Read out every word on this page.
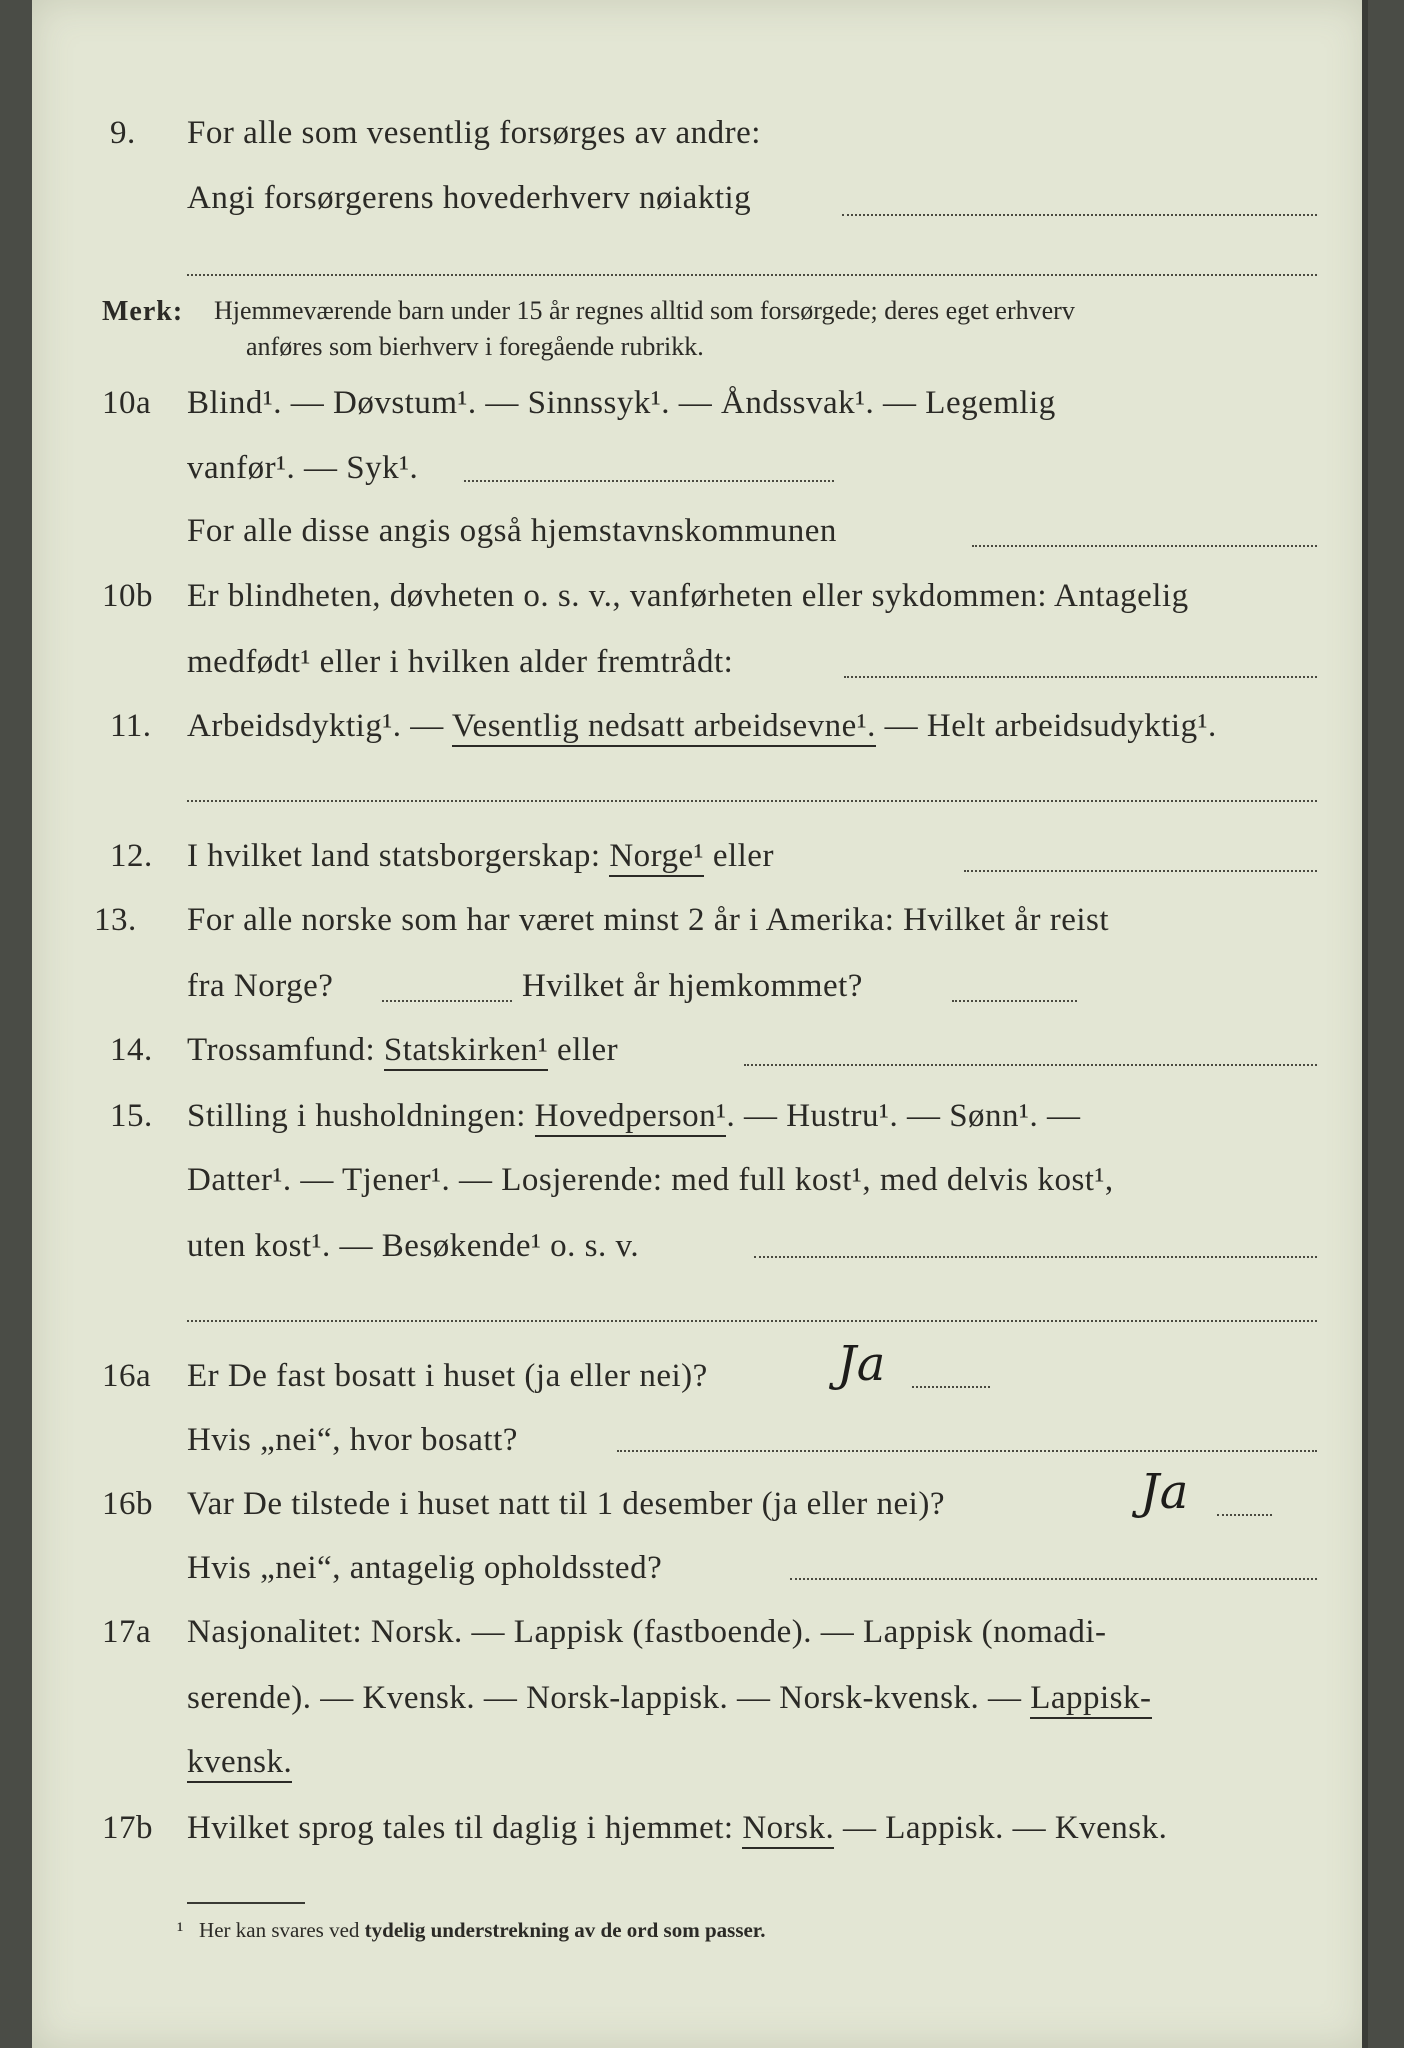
9. For alle som vesentlig forsørges av andre:
Angi forsørgerens hovederhverv nøiaktig
Merk: Hjemmeværende barn under 15 år regnes alltid som forsørgede; deres eget erhverv
anføres som bierhverv i foregående rubrikk.
10a Blind¹. — Døvstum¹. — Sinnssyk¹. — Åndssvak¹. — Legemlig
vanfør¹. — Syk¹.
For alle disse angis også hjemstavnskommunen
10b Er blindheten, døvheten o. s. v., vanførheten eller sykdommen: Antagelig
medfødt¹ eller i hvilken alder fremtrådt:
11. Arbeidsdyktig¹. — Vesentlig nedsatt arbeidsevne¹. — Helt arbeidsudyktig¹.
12. I hvilket land statsborgerskap: Norge¹ eller
13. For alle norske som har været minst 2 år i Amerika: Hvilket år reist
fra Norge?	Hvilket år hjemkommet?
14. Trossamfund: Statskirken¹ eller
15. Stilling i husholdningen: Hovedperson¹. — Hustru¹. — Sønn¹. —
Datter¹. — Tjener¹. — Losjerende: med full kost¹, med delvis kost¹,
uten kost¹. — Besøkende¹ o. s. v.
16a Er De fast bosatt i huset (ja eller nei)?	Ja
Hvis „nei“, hvor bosatt?
16b Var De tilstede i huset natt til 1 desember (ja eller nei)?	Ja
Hvis „nei“, antagelig opholdssted?
17a Nasjonalitet: Norsk. — Lappisk (fastboende). — Lappisk (nomadi-
serende). — Kvensk. — Norsk-lappisk. — Norsk-kvensk. — Lappisk-
kvensk.
17b Hvilket sprog tales til daglig i hjemmet: Norsk. — Lappisk. — Kvensk.
¹ Her kan svares ved tydelig understrekning av de ord som passer.
